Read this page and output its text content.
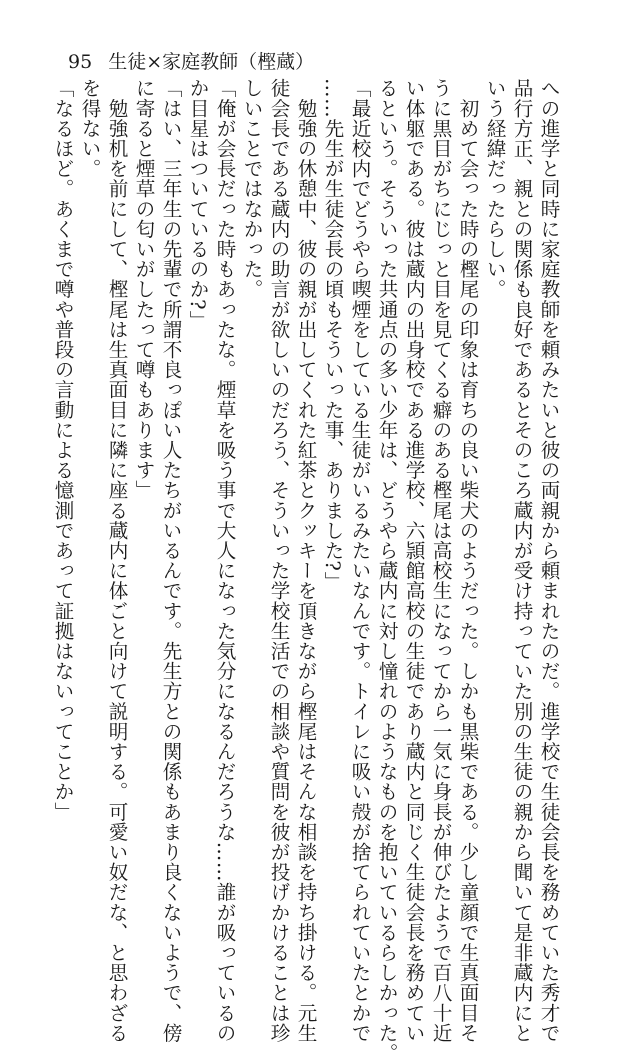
95 生徒×家庭教師（樫蔵）

への進学と同時に家庭教師を頼みたいと彼の両親から頼まれたのだ。進学校で生徒会長を務めていた秀才で

品行方正、親との関係も良好であるとそのころ蔵内が受け持っていた別の生徒の親から聞いて是非蔵内にと

いう経緯だったらしい。

　初めて会った時の樫尾の印象は育ちの良い柴犬のようだった。しかも黒柴である。少し童顔で生真面目そ

うに黒目がちにじっと目を見てくる癖のある樫尾は高校生になってから一気に身長が伸びたようで百八十近

い体躯である。彼は蔵内の出身校である進学校、六頴館高校の生徒であり蔵内と同じく生徒会長を務めてい

るという。そういった共通点の多い少年は、どうやら蔵内に対し憧れのようなものを抱いているらしかった。

「最近校内でどうやら喫煙をしている生徒がいるみたいなんです。トイレに吸い殻が捨てられていたとかで

……先生が生徒会長の頃もそういった事、ありました?」

　勉強の休憩中、彼の親が出してくれた紅茶とクッキーを頂きながら樫尾はそんな相談を持ち掛ける。元生

徒会長である蔵内の助言が欲しいのだろう、そういった学校生活での相談や質問を彼が投げかけることは珍

しいことではなかった。

「俺が会長だった時もあったな。煙草を吸う事で大人になった気分になるんだろうな……誰が吸っているの

か目星はついているのか?」

「はい、三年生の先輩で所謂不良っぽい人たちがいるんです。先生方との関係もあまり良くないようで、傍

に寄ると煙草の匂いがしたって噂もあります」

　勉強机を前にして、樫尾は生真面目に隣に座る蔵内に体ごと向けて説明する。可愛い奴だな、と思わざる

を得ない。

「なるほど。あくまで噂や普段の言動による憶測であって証拠はないってことか」
